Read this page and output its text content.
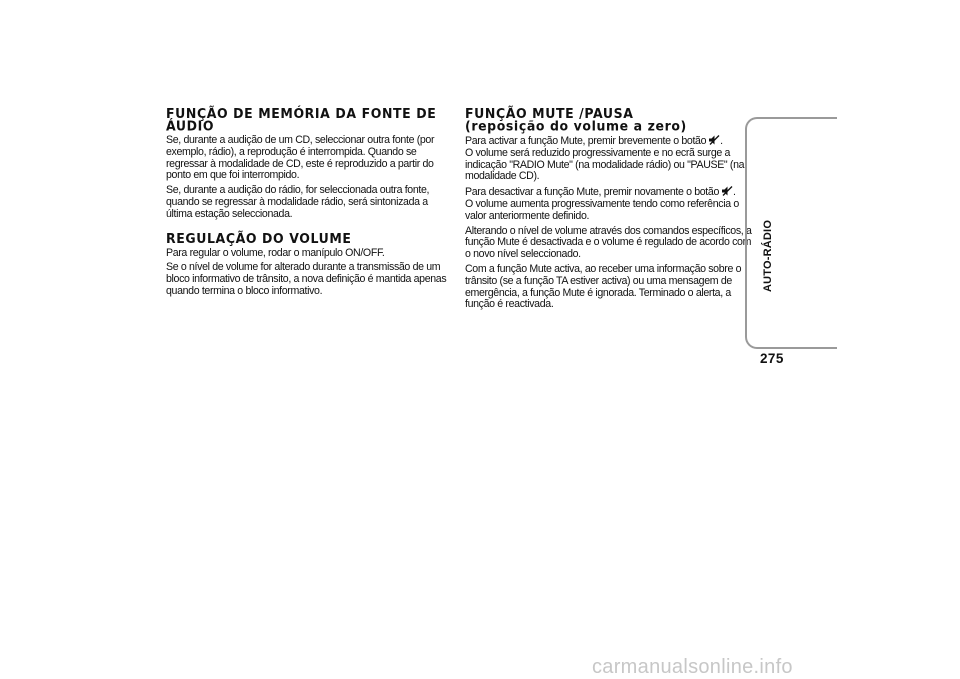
FUNÇÃO DE MEMÓRIA DA FONTE DE
ÁUDIO
Se, durante a audição de um CD, seleccionar outra fonte (por
exemplo, rádio), a reprodução é interrompida. Quando se
regressar à modalidade de CD, este é reproduzido a partir do
ponto em que foi interrompido.
Se, durante a audição do rádio, for seleccionada outra fonte,
quando se regressar à modalidade rádio, será sintonizada a
última estação seleccionada.
REGULAÇÃO DO VOLUME
Para regular o volume, rodar o manípulo ON/OFF.
Se o nível de volume for alterado durante a transmissão de um
bloco informativo de trânsito, a nova definição é mantida apenas
quando termina o bloco informativo.
FUNÇÃO MUTE /PAUSA
(reposição do volume a zero)
Para activar a função Mute, premir brevemente o botão .
O volume será reduzido progressivamente e no ecrã surge a
indicação "RADIO Mute" (na modalidade rádio) ou "PAUSE" (na
modalidade CD).
Para desactivar a função Mute, premir novamente o botão .
O volume aumenta progressivamente tendo como referência o
valor anteriormente definido.
Alterando o nível de volume através dos comandos específicos, a
função Mute é desactivada e o volume é regulado de acordo com
o novo nível seleccionado.
Com a função Mute activa, ao receber uma informação sobre o
trânsito (se a função TA estiver activa) ou uma mensagem de
emergência, a função Mute é ignorada. Terminado o alerta, a
função é reactivada.
AUTO-RÁDIO
275
carmanualsonline.info
